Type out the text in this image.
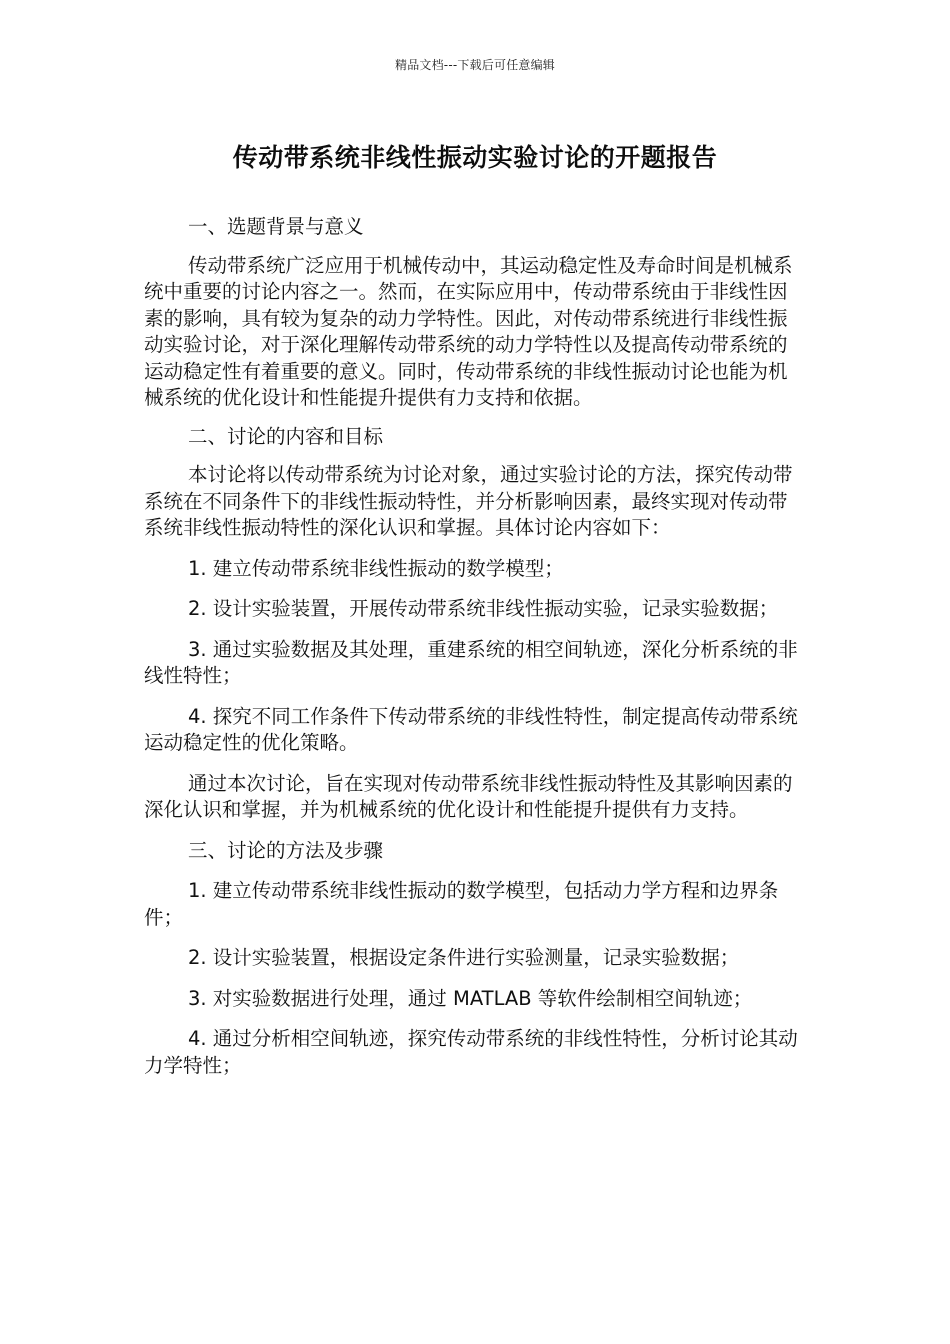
精品文档---下载后可任意编辑
传动带系统非线性振动实验讨论的开题报告

一、选题背景与意义

传动带系统广泛应用于机械传动中，其运动稳定性及寿命时间是机械系统中重要的讨论内容之一。然而，在实际应用中，传动带系统由于非线性因素的影响，具有较为复杂的动力学特性。因此，对传动带系统进行非线性振动实验讨论，对于深化理解传动带系统的动力学特性以及提高传动带系统的运动稳定性有着重要的意义。同时，传动带系统的非线性振动讨论也能为机械系统的优化设计和性能提升提供有力支持和依据。

二、讨论的内容和目标

本讨论将以传动带系统为讨论对象，通过实验讨论的方法，探究传动带系统在不同条件下的非线性振动特性，并分析影响因素，最终实现对传动带系统非线性振动特性的深化认识和掌握。具体讨论内容如下：

1. 建立传动带系统非线性振动的数学模型；

2. 设计实验装置，开展传动带系统非线性振动实验，记录实验数据；

3. 通过实验数据及其处理，重建系统的相空间轨迹，深化分析系统的非线性特性；

4. 探究不同工作条件下传动带系统的非线性特性，制定提高传动带系统运动稳定性的优化策略。

通过本次讨论，旨在实现对传动带系统非线性振动特性及其影响因素的深化认识和掌握，并为机械系统的优化设计和性能提升提供有力支持。

三、讨论的方法及步骤

1. 建立传动带系统非线性振动的数学模型，包括动力学方程和边界条件；

2. 设计实验装置，根据设定条件进行实验测量，记录实验数据；

3. 对实验数据进行处理，通过 MATLAB 等软件绘制相空间轨迹；

4. 通过分析相空间轨迹，探究传动带系统的非线性特性，分析讨论其动力学特性；
